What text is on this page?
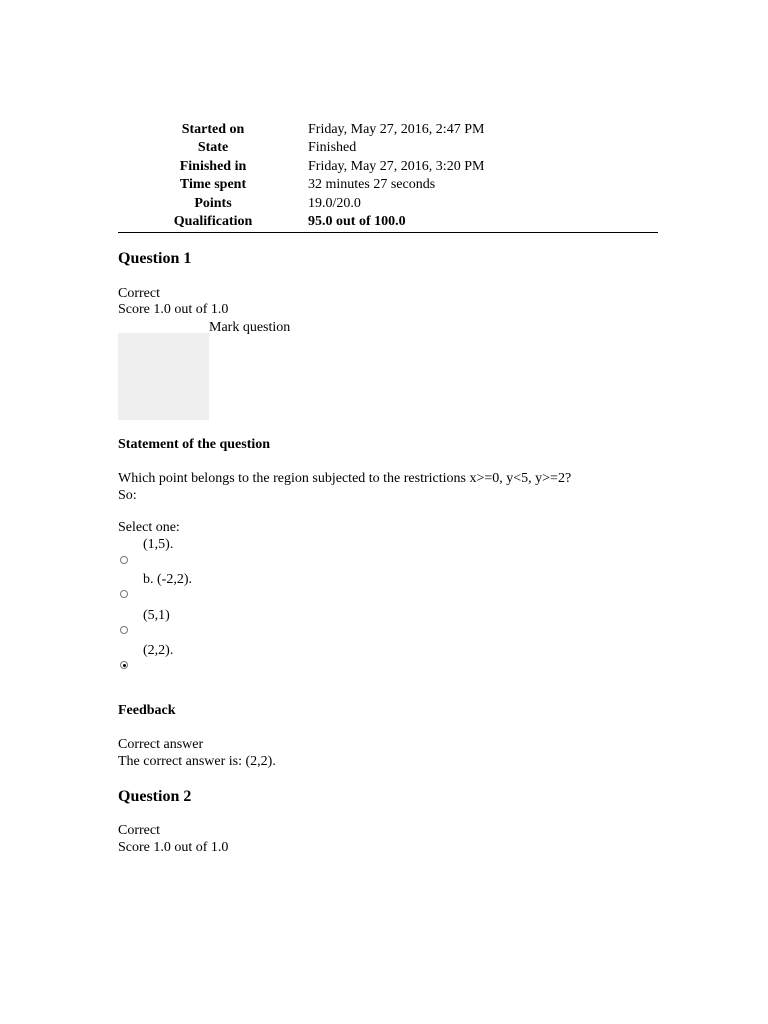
Started on	Friday, May 27, 2016, 2:47 PM
State	Finished
Finished in	Friday, May 27, 2016, 3:20 PM
Time spent	32 minutes 27 seconds
Points	19.0/20.0
Qualification	95.0 out of 100.0
Question 1
Correct
Score 1.0 out of 1.0
Mark question
Statement of the question
Which point belongs to the region subjected to the restrictions x>=0, y<5, y>=2?
So:
Select one:
(1,5).
b. (-2,2).
(5,1)
(2,2).
Feedback
Correct answer
The correct answer is: (2,2).
Question 2
Correct
Score 1.0 out of 1.0
